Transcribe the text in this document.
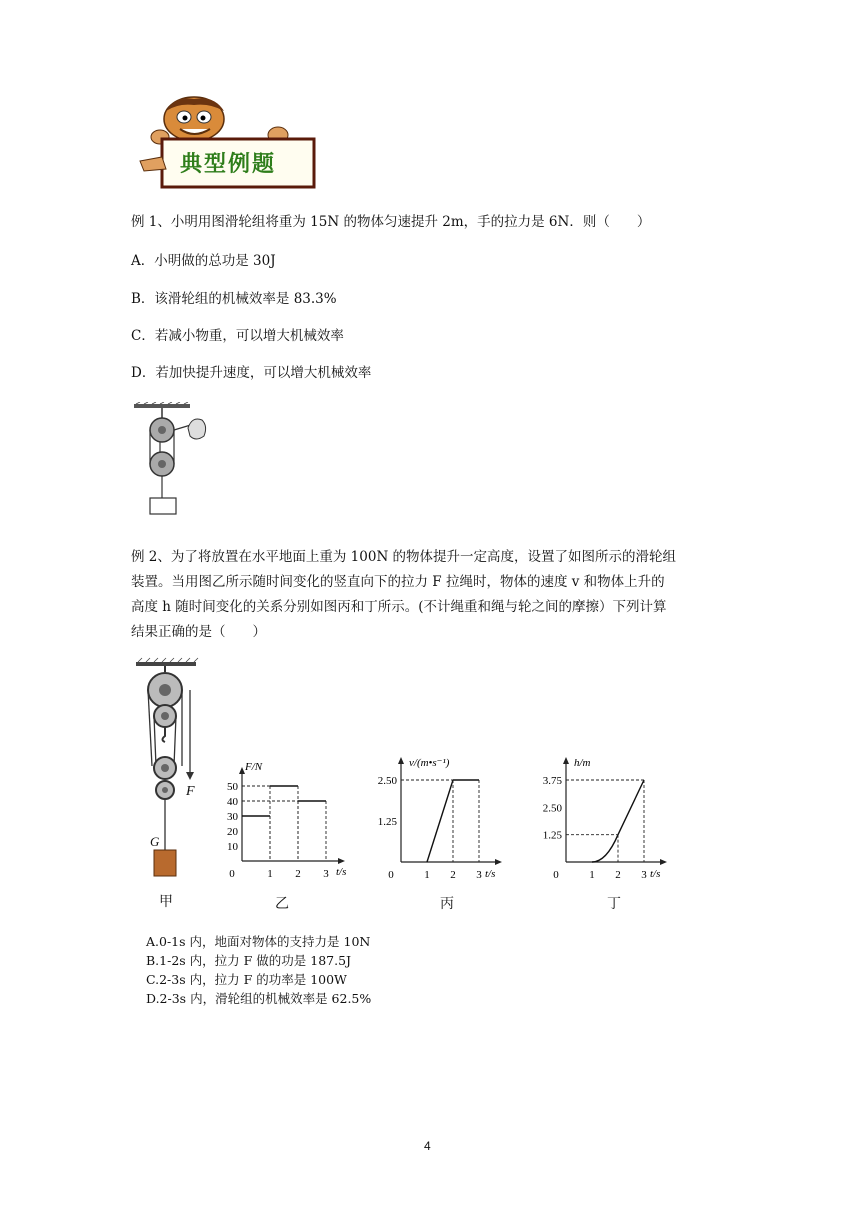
典型例题
例 1、小明用图滑轮组将重为 15N 的物体匀速提升 2m，手的拉力是 6N．则（　　）
A．小明做的总功是 30J
B．该滑轮组的机械效率是 83.3%
C．若减小物重，可以增大机械效率
D．若加快提升速度，可以增大机械效率
例 2、为了将放置在水平地面上重为 100N 的物体提升一定高度，设置了如图所示的滑轮组
装置。当用图乙所示随时间变化的竖直向下的拉力 F 拉绳时，物体的速度 v 和物体上升的
高度 h 随时间变化的关系分别如图丙和丁所示。(不计绳重和绳与轮之间的摩擦）下列计算
结果正确的是（　　）
F
G	10
20
30
40
50
0	1 2 3
F/N
t/s
1.25
2.50
0	1 2 3
v/(m•s⁻¹)
t/s
1.25
2.50
3.75
0	1 2 3
h/m
t/s
甲	乙	丙	丁
A.0-1s 内，地面对物体的支持力是 10N
B.1-2s 内，拉力 F 做的功是 187.5J
C.2-3s 内，拉力 F 的功率是 100W
D.2-3s 内，滑轮组的机械效率是 62.5%
4
